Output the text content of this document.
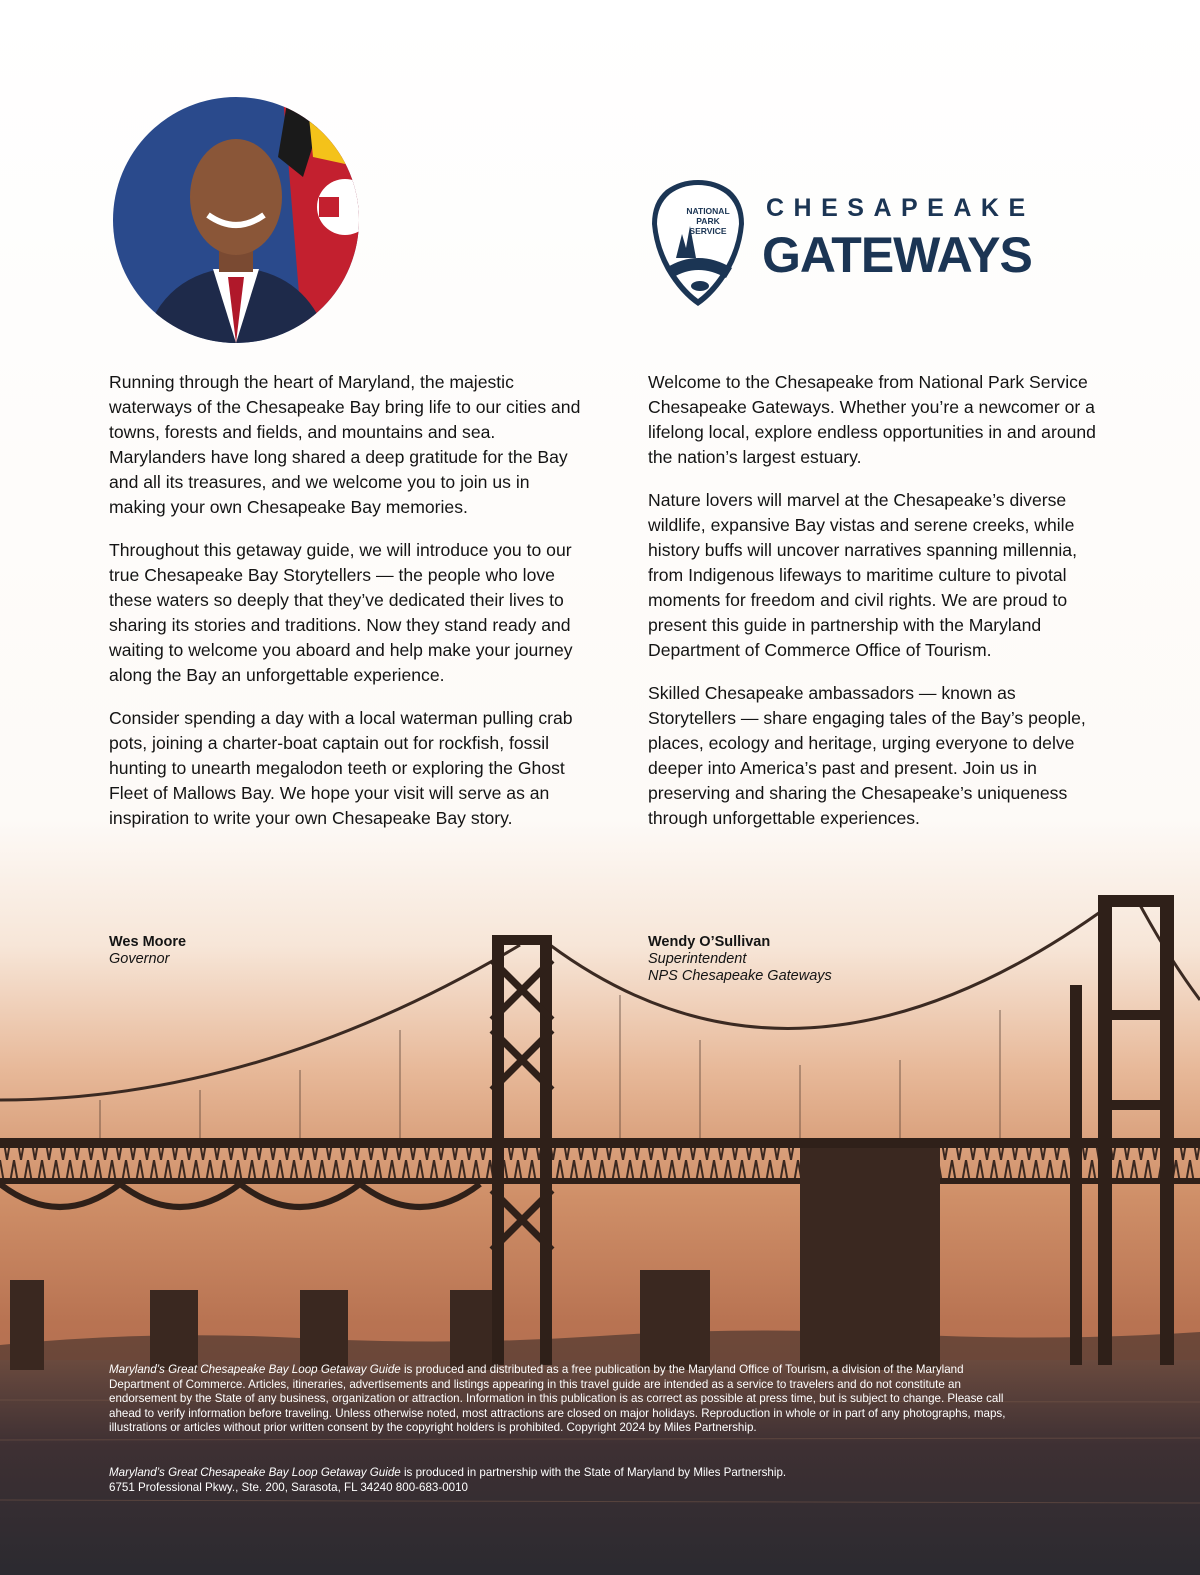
NATIONAL
PARK
SERVICE
CHESAPEAKE
GATEWAYS

Running through the heart of Maryland, the majestic waterways of the Chesapeake Bay bring life to our cities and towns, forests and fields, and mountains and sea. Marylanders have long shared a deep gratitude for the Bay and all its treasures, and we welcome you to join us in making your own Chesapeake Bay memories.

Throughout this getaway guide, we will introduce you to our true Chesapeake Bay Storytellers — the people who love these waters so deeply that they’ve dedicated their lives to sharing its stories and traditions. Now they stand ready and waiting to welcome you aboard and help make your journey along the Bay an unforgettable experience.

Consider spending a day with a local waterman pulling crab pots, joining a charter-boat captain out for rockfish, fossil hunting to unearth megalodon teeth or exploring the Ghost Fleet of Mallows Bay. We hope your visit will serve as an inspiration to write your own Chesapeake Bay story.

Wes Moore
Governor

Welcome to the Chesapeake from National Park Service Chesapeake Gateways. Whether you’re a newcomer or a lifelong local, explore endless opportunities in and around the nation’s largest estuary.

Nature lovers will marvel at the Chesapeake’s diverse wildlife, expansive Bay vistas and serene creeks, while history buffs will uncover narratives spanning millennia, from Indigenous lifeways to maritime culture to pivotal moments for freedom and civil rights. We are proud to present this guide in partnership with the Maryland Department of Commerce Office of Tourism.

Skilled Chesapeake ambassadors — known as Storytellers — share engaging tales of the Bay’s people, places, ecology and heritage, urging everyone to delve deeper into America’s past and present. Join us in preserving and sharing the Chesapeake’s uniqueness through unforgettable experiences.

Wendy O’Sullivan
Superintendent
NPS Chesapeake Gateways
Maryland’s Great Chesapeake Bay Loop Getaway Guide is produced and distributed as a free publication by the Maryland Office of Tourism, a division of the Maryland Department of Commerce. Articles, itineraries, advertisements and listings appearing in this travel guide are intended as a service to travelers and do not constitute an endorsement by the State of any business, organization or attraction. Information in this publication is as correct as possible at press time, but is subject to change. Please call ahead to verify information before traveling. Unless otherwise noted, most attractions are closed on major holidays. Reproduction in whole or in part of any photographs, maps, illustrations or articles without prior written consent by the copyright holders is prohibited. Copyright 2024 by Miles Partnership.
Maryland’s Great Chesapeake Bay Loop Getaway Guide is produced in partnership with the State of Maryland by Miles Partnership.
6751 Professional Pkwy., Ste. 200, Sarasota, FL 34240 800-683-0010
